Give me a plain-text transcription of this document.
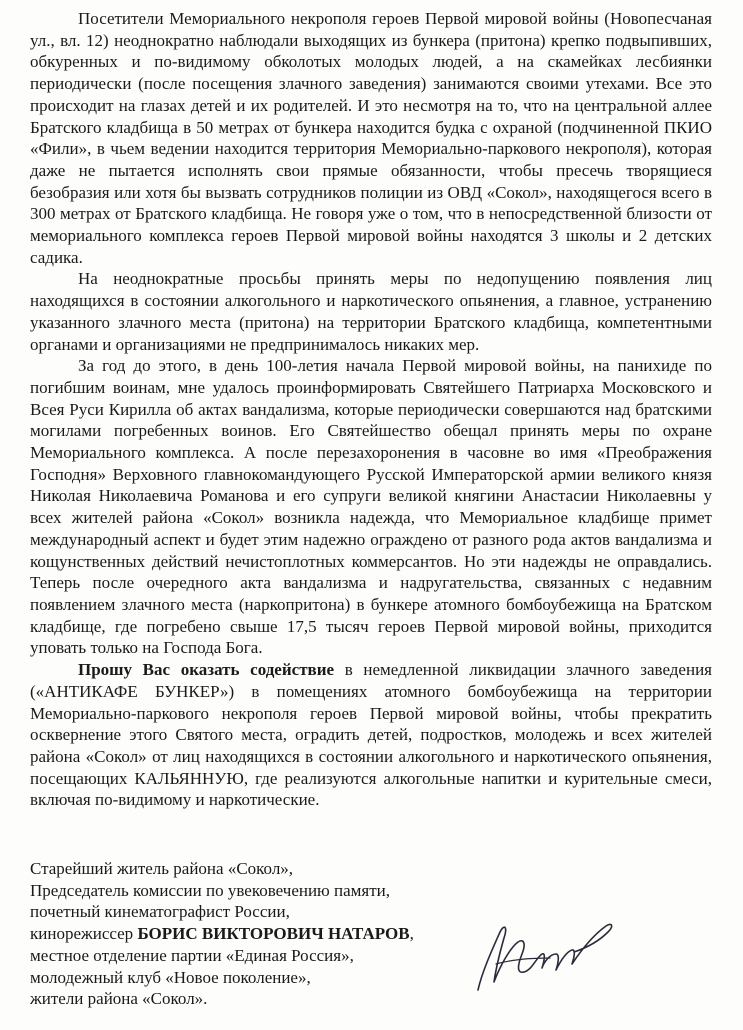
Посетители Мемориального некрополя героев Первой мировой войны (Новопесчаная ул., вл. 12) неоднократно наблюдали выходящих из бункера (притона) крепко подвыпивших, обкуренных и по-видимому обколотых молодых людей, а на скамейках лесбиянки периодически (после посещения злачного заведения) занимаются своими утехами. Все это происходит на глазах детей и их родителей. И это несмотря на то, что на центральной аллее Братского кладбища в 50 метрах от бункера находится будка с охраной (подчиненной ПКИО «Фили», в чьем ведении находится территория Мемориально-паркового некрополя), которая даже не пытается исполнять свои прямые обязанности, чтобы пресечь творящиеся безобразия или хотя бы вызвать сотрудников полиции из ОВД «Сокол», находящегося всего в 300 метрах от Братского кладбища. Не говоря уже о том, что в непосредственной близости от мемориального комплекса героев Первой мировой войны находятся 3 школы и 2 детских садика.

На неоднократные просьбы принять меры по недопущению появления лиц находящихся в состоянии алкогольного и наркотического опьянения, а главное, устранению указанного злачного места (притона) на территории Братского кладбища, компетентными органами и организациями не предпринималось никаких мер.

За год до этого, в день 100-летия начала Первой мировой войны, на панихиде по погибшим воинам, мне удалось проинформировать Святейшего Патриарха Московского и Всея Руси Кирилла об актах вандализма, которые периодически совершаются над братскими могилами погребенных воинов. Его Святейшество обещал принять меры по охране Мемориального комплекса. А после перезахоронения в часовне во имя «Преображения Господня» Верховного главнокомандующего Русской Императорской армии великого князя Николая Николаевича Романова и его супруги великой княгини Анастасии Николаевны у всех жителей района «Сокол» возникла надежда, что Мемориальное кладбище примет международный аспект и будет этим надежно ограждено от разного рода актов вандализма и кощунственных действий нечистоплотных коммерсантов. Но эти надежды не оправдались. Теперь после очередного акта вандализма и надругательства, связанных с недавним появлением злачного места (наркопритона) в бункере атомного бомбоубежища на Братском кладбище, где погребено свыше 17,5 тысяч героев Первой мировой войны, приходится уповать только на Господа Бога.

Прошу Вас оказать содействие в немедленной ликвидации злачного заведения («АНТИКАФЕ БУНКЕР») в помещениях атомного бомбоубежища на территории Мемориально-паркового некрополя героев Первой мировой войны, чтобы прекратить осквернение этого Святого места, оградить детей, подростков, молодежь и всех жителей района «Сокол» от лиц находящихся в состоянии алкогольного и наркотического опьянения, посещающих КАЛЬЯННУЮ, где реализуются алкогольные напитки и курительные смеси, включая по-видимому и наркотические.

Старейший житель района «Сокол»,
Председатель комиссии по увековечению памяти,
почетный кинематографист России,
кинорежиссер БОРИС ВИКТОРОВИЧ НАТАРОВ,
местное отделение партии «Единая Россия»,
молодежный клуб «Новое поколение»,
жители района «Сокол».
